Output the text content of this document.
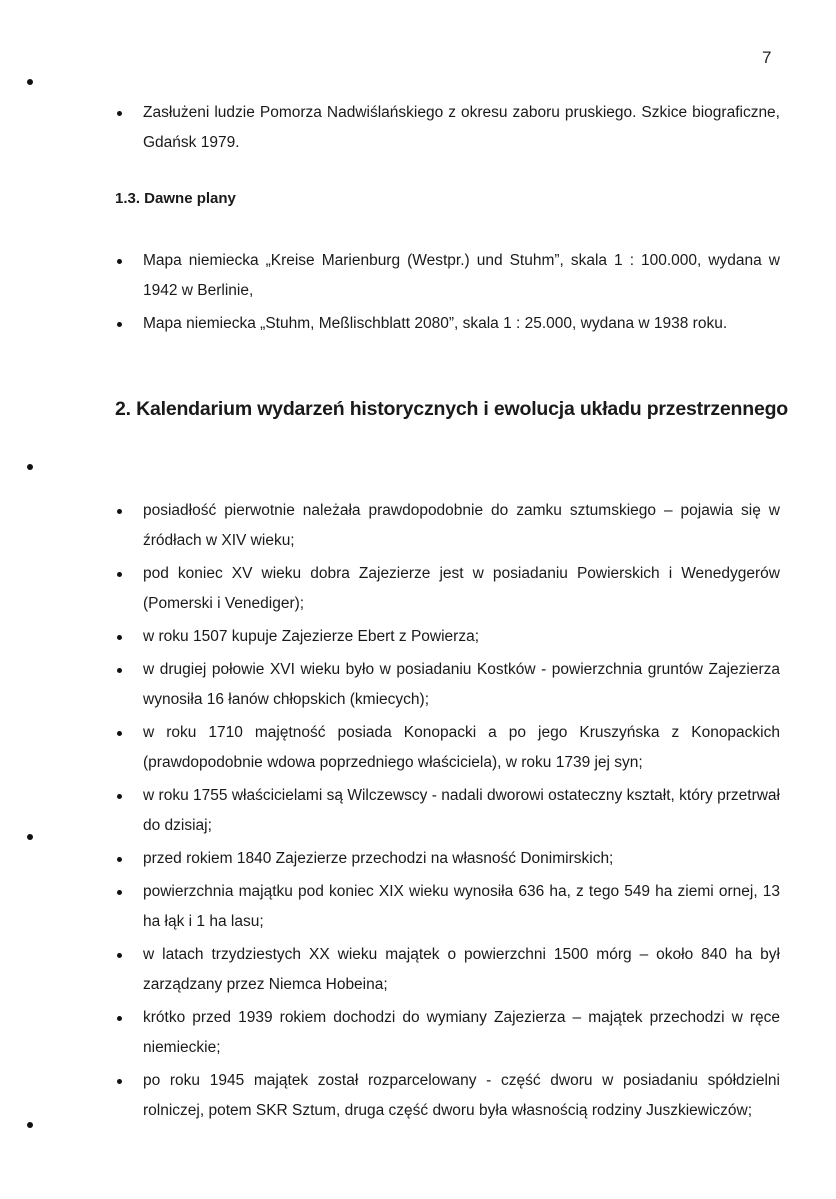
7
Zasłużeni ludzie Pomorza Nadwiślańskiego z okresu zaboru pruskiego. Szkice biograficzne, Gdańsk 1979.
1.3. Dawne plany
Mapa niemiecka „Kreise Marienburg (Westpr.) und Stuhm”, skala 1 : 100.000, wydana w 1942 w Berlinie,
Mapa niemiecka „Stuhm, Meßlischblatt 2080”, skala 1 : 25.000, wydana w 1938 roku.
2. Kalendarium wydarzeń historycznych i ewolucja układu przestrzennego
posiadłość pierwotnie należała prawdopodobnie do zamku sztumskiego – pojawia się w źródłach w XIV wieku;
pod koniec XV wieku dobra Zajezierze jest w posiadaniu Powierskich i Wenedygerów (Pomerski i Venediger);
w roku 1507 kupuje Zajezierze Ebert z Powierza;
w drugiej połowie XVI wieku było w posiadaniu Kostków - powierzchnia gruntów Zajezierza wynosiła 16 łanów chłopskich (kmiecych);
w roku 1710 majętność posiada Konopacki a po jego Kruszyńska z Konopackich (prawdopodobnie wdowa poprzedniego właściciela), w roku 1739 jej syn;
w roku 1755 właścicielami są Wilczewscy - nadali dworowi ostateczny kształt, który przetrwał do dzisiaj;
przed rokiem 1840 Zajezierze przechodzi na własność Donimirskich;
powierzchnia majątku pod koniec XIX wieku wynosiła 636 ha, z tego 549 ha ziemi ornej, 13 ha łąk i 1 ha lasu;
w latach trzydziestych XX wieku majątek o powierzchni 1500 mórg – około 840 ha był zarządzany przez Niemca Hobeina;
krótko przed 1939 rokiem dochodzi do wymiany Zajezierza – majątek przechodzi w ręce niemieckie;
po roku 1945 majątek został rozparcelowany - część dworu w posiadaniu spółdzielni rolniczej, potem SKR Sztum, druga część dworu była własnością rodziny Juszkiewiczów;
